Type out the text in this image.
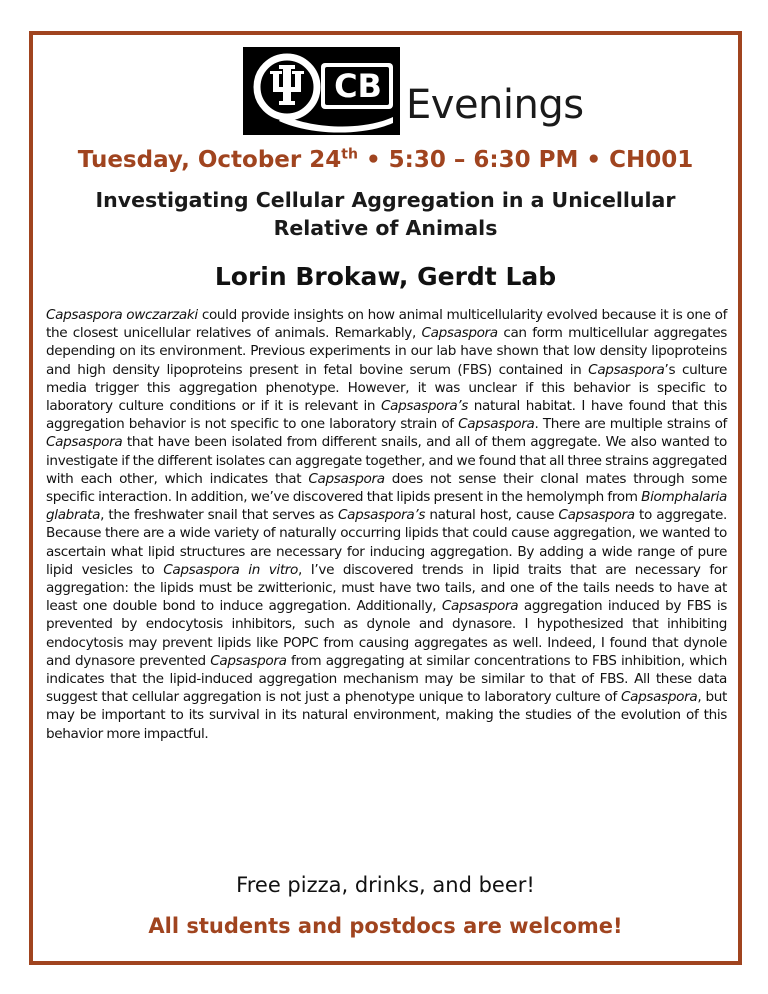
CB Evenings
Tuesday, October 24th • 5:30 – 6:30 PM • CH001
Investigating Cellular Aggregation in a Unicellular
Relative of Animals
Lorin Brokaw, Gerdt Lab
Capsaspora owczarzaki could provide insights on how animal multicellularity evolved because it is one of the closest unicellular relatives of animals. Remarkably, Capsaspora can form multicellular aggregates depending on its environment. Previous experiments in our lab have shown that low density lipoproteins and high density lipoproteins present in fetal bovine serum (FBS) contained in Capsaspora’s culture media trigger this aggregation phenotype. However, it was unclear if this behavior is specific to laboratory culture conditions or if it is relevant in Capsaspora’s natural habitat. I have found that this aggregation behavior is not specific to one laboratory strain of Capsaspora. There are multiple strains of Capsaspora that have been isolated from different snails, and all of them aggregate. We also wanted to investigate if the different isolates can aggregate together, and we found that all three strains aggregated with each other, which indicates that Capsaspora does not sense their clonal mates through some specific interaction. In addition, we’ve discovered that lipids present in the hemolymph from Biomphalaria glabrata, the freshwater snail that serves as Capsaspora’s natural host, cause Capsaspora to aggregate. Because there are a wide variety of naturally occurring lipids that could cause aggregation, we wanted to ascertain what lipid structures are necessary for inducing aggregation. By adding a wide range of pure lipid vesicles to Capsaspora in vitro, I’ve discovered trends in lipid traits that are necessary for aggregation: the lipids must be zwitterionic, must have two tails, and one of the tails needs to have at least one double bond to induce aggregation. Additionally, Capsaspora aggregation induced by FBS is prevented by endocytosis inhibitors, such as dynole and dynasore. I hypothesized that inhibiting endocytosis may prevent lipids like POPC from causing aggregates as well. Indeed, I found that dynole and dynasore prevented Capsaspora from aggregating at similar concentrations to FBS inhibition, which indicates that the lipid-induced aggregation mechanism may be similar to that of FBS. All these data suggest that cellular aggregation is not just a phenotype unique to laboratory culture of Capsaspora, but may be important to its survival in its natural environment, making the studies of the evolution of this behavior more impactful.
Free pizza, drinks, and beer!
All students and postdocs are welcome!
